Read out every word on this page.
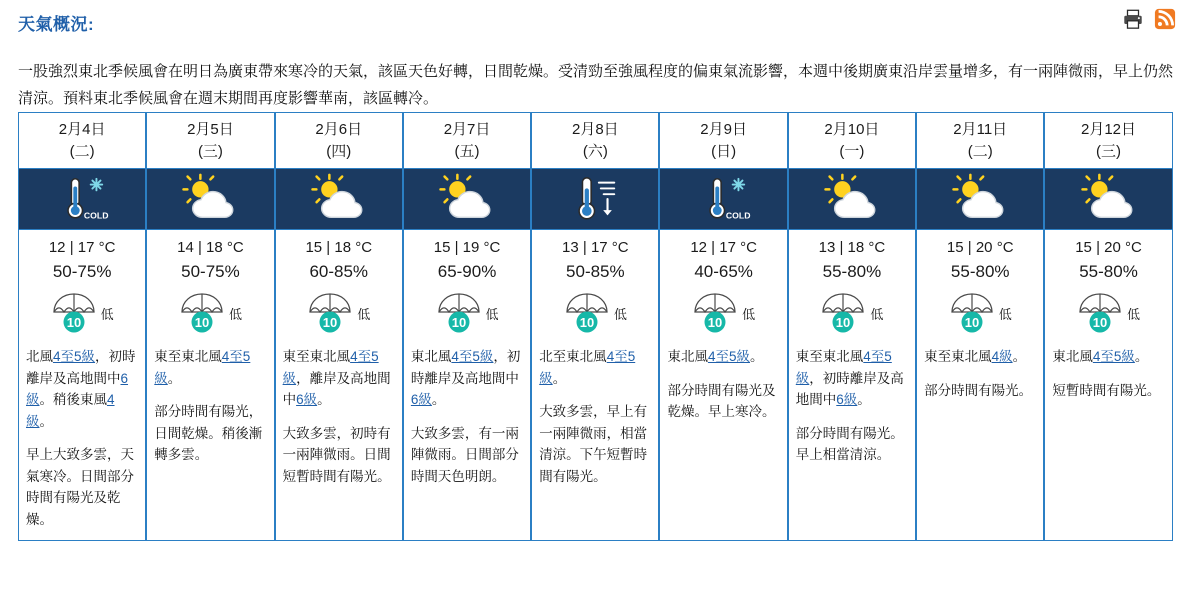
天氣概況:
一股強烈東北季候風會在明日為廣東帶來寒冷的天氣，該區天色好轉，日間乾燥。受清勁至強風程度的偏東氣流影響，本週中後期廣東沿岸雲量增多，有一兩陣微雨，早上仍然清涼。預料東北季候風會在週末期間再度影響華南，該區轉冷。
2月4日
(二)
COLD
12 | 17 °C
50-75%
10
低

北風4至5級，初時離岸及高地間中6級。稍後東風4級。

早上大致多雲，天氣寒冷。日間部分時間有陽光及乾燥。

2月5日
(三)
14 | 18 °C
50-75%
10
低

東至東北風4至5級。

部分時間有陽光，日間乾燥。稍後漸轉多雲。

2月6日
(四)
15 | 18 °C
60-85%
10
低

東至東北風4至5級，離岸及高地間中6級。

大致多雲，初時有一兩陣微雨。日間短暫時間有陽光。

2月7日
(五)
15 | 19 °C
65-90%
10
低

東北風4至5級，初時離岸及高地間中6級。

大致多雲，有一兩陣微雨。日間部分時間天色明朗。

2月8日
(六)
13 | 17 °C
50-85%
10
低

北至東北風4至5級。

大致多雲，早上有一兩陣微雨，相當清涼。下午短暫時間有陽光。

2月9日
(日)
COLD
12 | 17 °C
40-65%
10
低

東北風4至5級。

部分時間有陽光及乾燥。早上寒冷。

2月10日
(一)
13 | 18 °C
55-80%
10
低

東至東北風4至5級，初時離岸及高地間中6級。

部分時間有陽光。早上相當清涼。

2月11日
(二)
15 | 20 °C
55-80%
10
低

東至東北風4級。

部分時間有陽光。

2月12日
(三)
15 | 20 °C
55-80%
10
低

東北風4至5級。

短暫時間有陽光。
